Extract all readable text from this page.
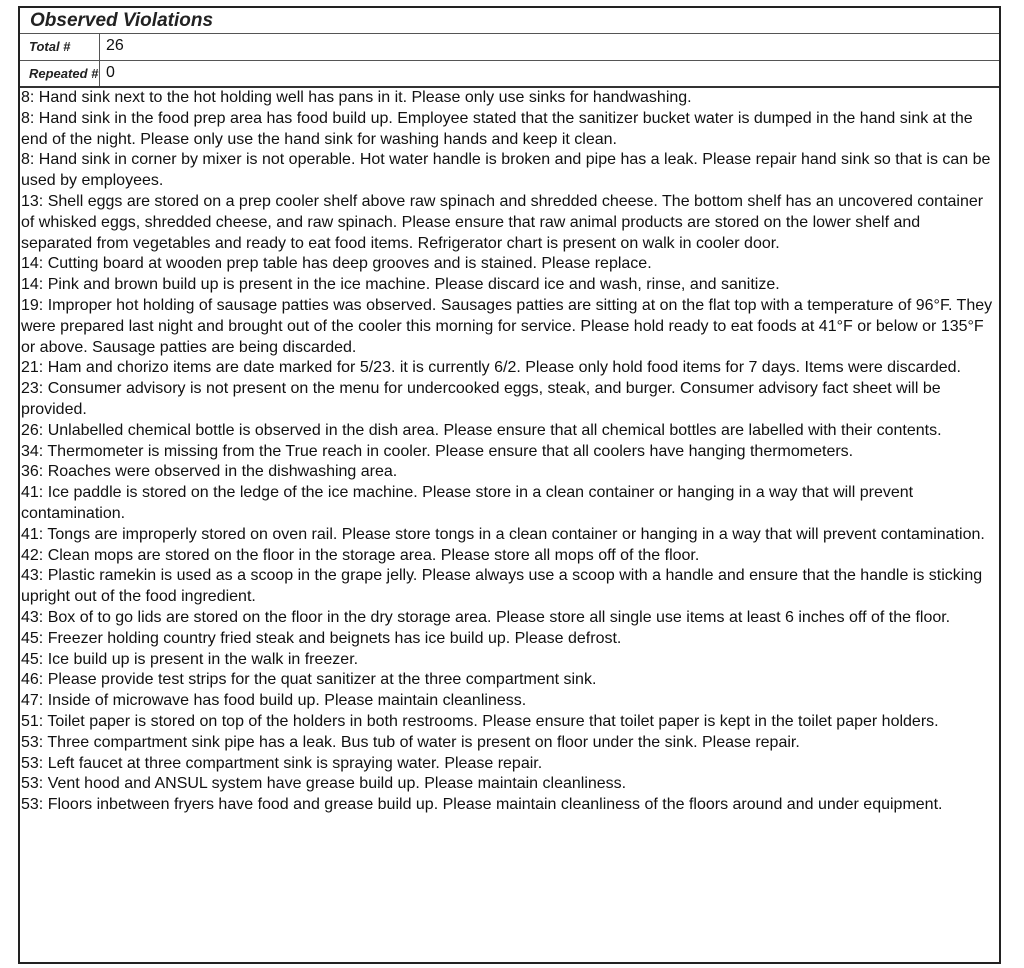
Observed Violations
Total #	26
Repeated # 0
8: Hand sink next to the hot holding well has pans in it. Please only use sinks for handwashing.
8: Hand sink in the food prep area has food build up. Employee stated that the sanitizer bucket water is dumped in the hand sink at the end of the night. Please only use the hand sink for washing hands and keep it clean.
8: Hand sink in corner by mixer is not operable. Hot water handle is broken and pipe has a leak. Please repair hand sink so that is can be used by employees.
13: Shell eggs are stored on a prep cooler shelf above raw spinach and shredded cheese. The bottom shelf has an uncovered container of whisked eggs, shredded cheese, and raw spinach. Please ensure that raw animal products are stored on the lower shelf and separated from vegetables and ready to eat food items. Refrigerator chart is present on walk in cooler door.
14: Cutting board at wooden prep table has deep grooves and is stained. Please replace.
14: Pink and brown build up is present in the ice machine. Please discard ice and wash, rinse, and sanitize.
19: Improper hot holding of sausage patties was observed. Sausages patties are sitting at on the flat top with a temperature of 96°F. They were prepared last night and brought out of the cooler this morning for service. Please hold ready to eat foods at 41°F or below or 135°F or above. Sausage patties are being discarded.
21: Ham and chorizo items are date marked for 5/23. it is currently 6/2. Please only hold food items for 7 days. Items were discarded.
23: Consumer advisory is not present on the menu for undercooked eggs, steak, and burger. Consumer advisory fact sheet will be provided.
26: Unlabelled chemical bottle is observed in the dish area. Please ensure that all chemical bottles are labelled with their contents.
34: Thermometer is missing from the True reach in cooler. Please ensure that all coolers have hanging thermometers.
36: Roaches were observed in the dishwashing area.
41: Ice paddle is stored on the ledge of the ice machine. Please store in a clean container or hanging in a way that will prevent contamination.
41: Tongs are improperly stored on oven rail. Please store tongs in a clean container or hanging in a way that will prevent contamination.
42: Clean mops are stored on the floor in the storage area. Please store all mops off of the floor.
43: Plastic ramekin is used as a scoop in the grape jelly. Please always use a scoop with a handle and ensure that the handle is sticking upright out of the food ingredient.
43: Box of to go lids are stored on the floor in the dry storage area. Please store all single use items at least 6 inches off of the floor.
45: Freezer holding country fried steak and beignets has ice build up. Please defrost.
45: Ice build up is present in the walk in freezer.
46: Please provide test strips for the quat sanitizer at the three compartment sink.
47: Inside of microwave has food build up. Please maintain cleanliness.
51: Toilet paper is stored on top of the holders in both restrooms. Please ensure that toilet paper is kept in the toilet paper holders.
53: Three compartment sink pipe has a leak. Bus tub of water is present on floor under the sink. Please repair.
53: Left faucet at three compartment sink is spraying water. Please repair.
53: Vent hood and ANSUL system have grease build up. Please maintain cleanliness.
53: Floors inbetween fryers have food and grease build up. Please maintain cleanliness of the floors around and under equipment.
